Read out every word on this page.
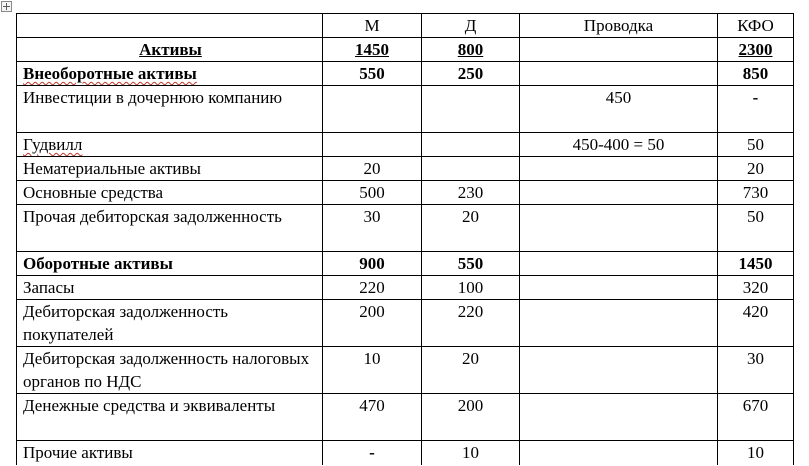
	М	Д	Проводка	КФО
Активы	1450	800		2300
Внеоборотные активы	550	250		850
Инвестиции в дочернюю компанию			450	-
Гудвилл			450-400 = 50	50
Нематериальные активы	20			20
Основные средства	500	230		730
Прочая дебиторская задолженность	30	20		50
Оборотные активы	900	550		1450
Запасы	220	100		320
Дебиторская задолженность покупателей	200	220		420
Дебиторская задолженность налоговых органов по НДС	10	20		30
Денежные средства и эквиваленты	470	200		670
Прочие активы	-	10		10
